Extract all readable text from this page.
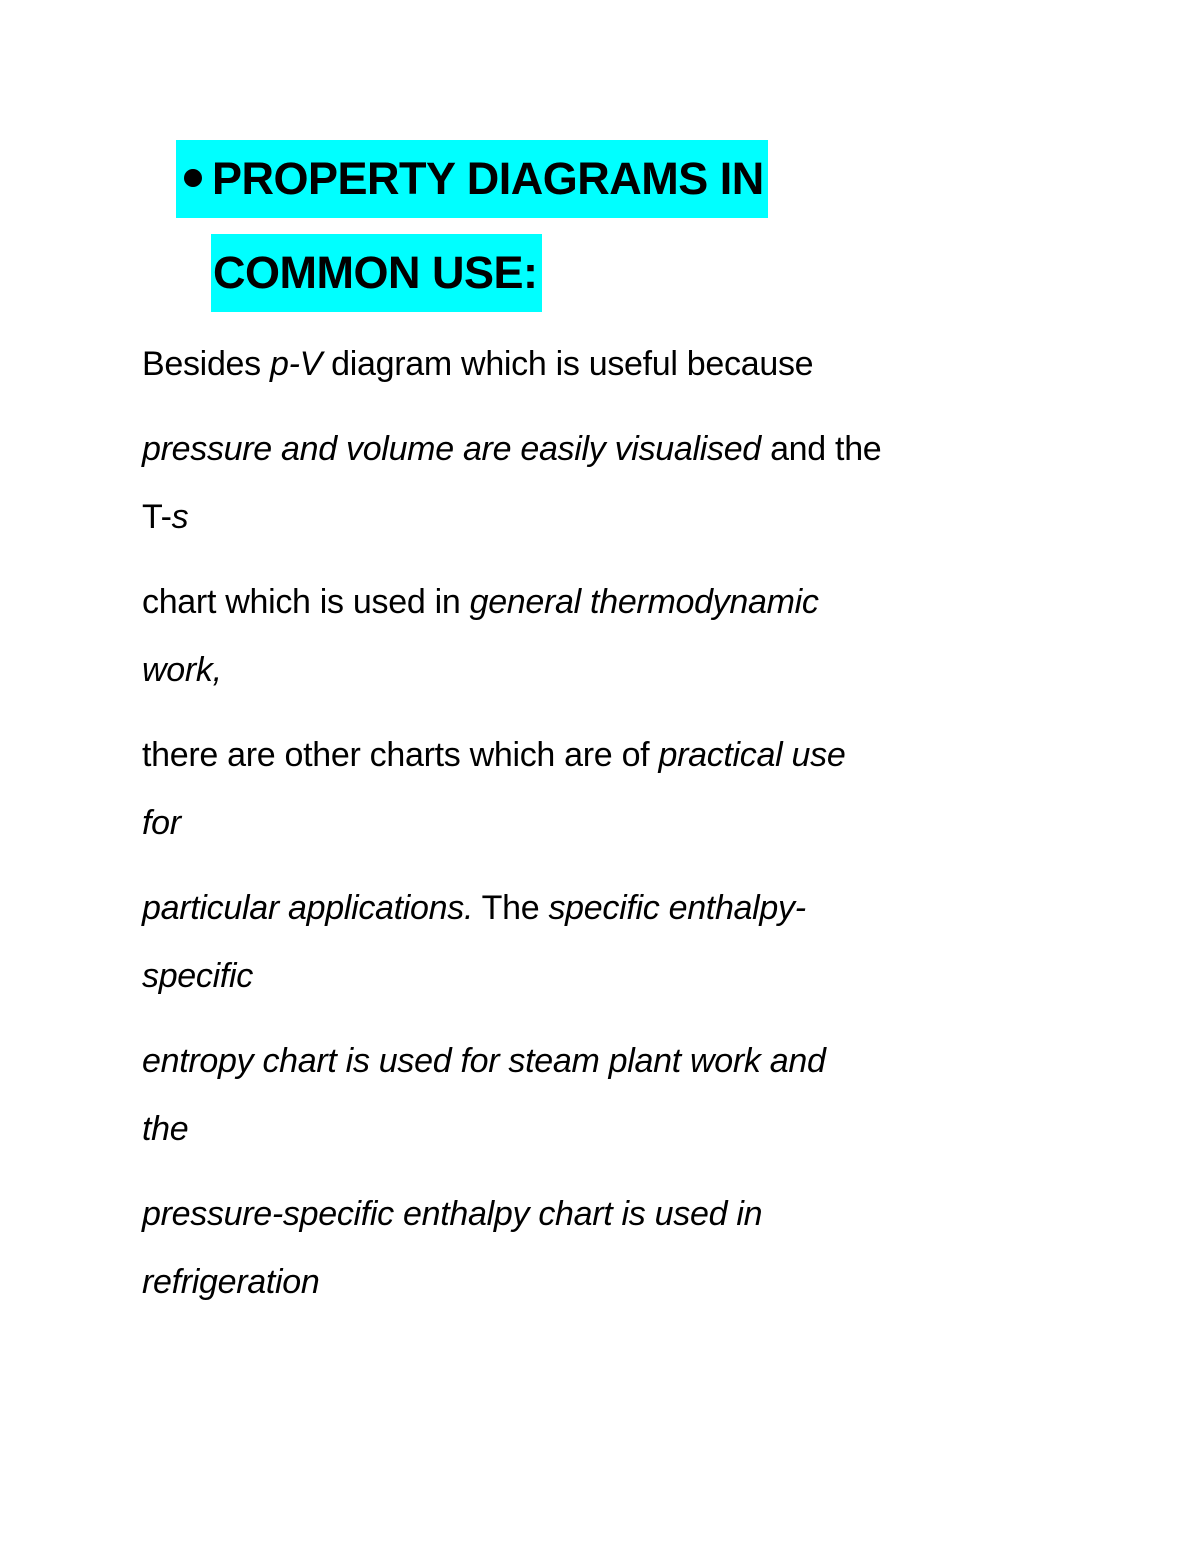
PROPERTY DIAGRAMS IN
COMMON USE:
Besides p-V diagram which is useful because
pressure and volume are easily visualised and the
T-s
chart which is used in general thermodynamic
work,
there are other charts which are of practical use
for
particular applications. The specific enthalpy-
specific
entropy chart is used for steam plant work and
the
pressure-specific enthalpy chart is used in
refrigeration
